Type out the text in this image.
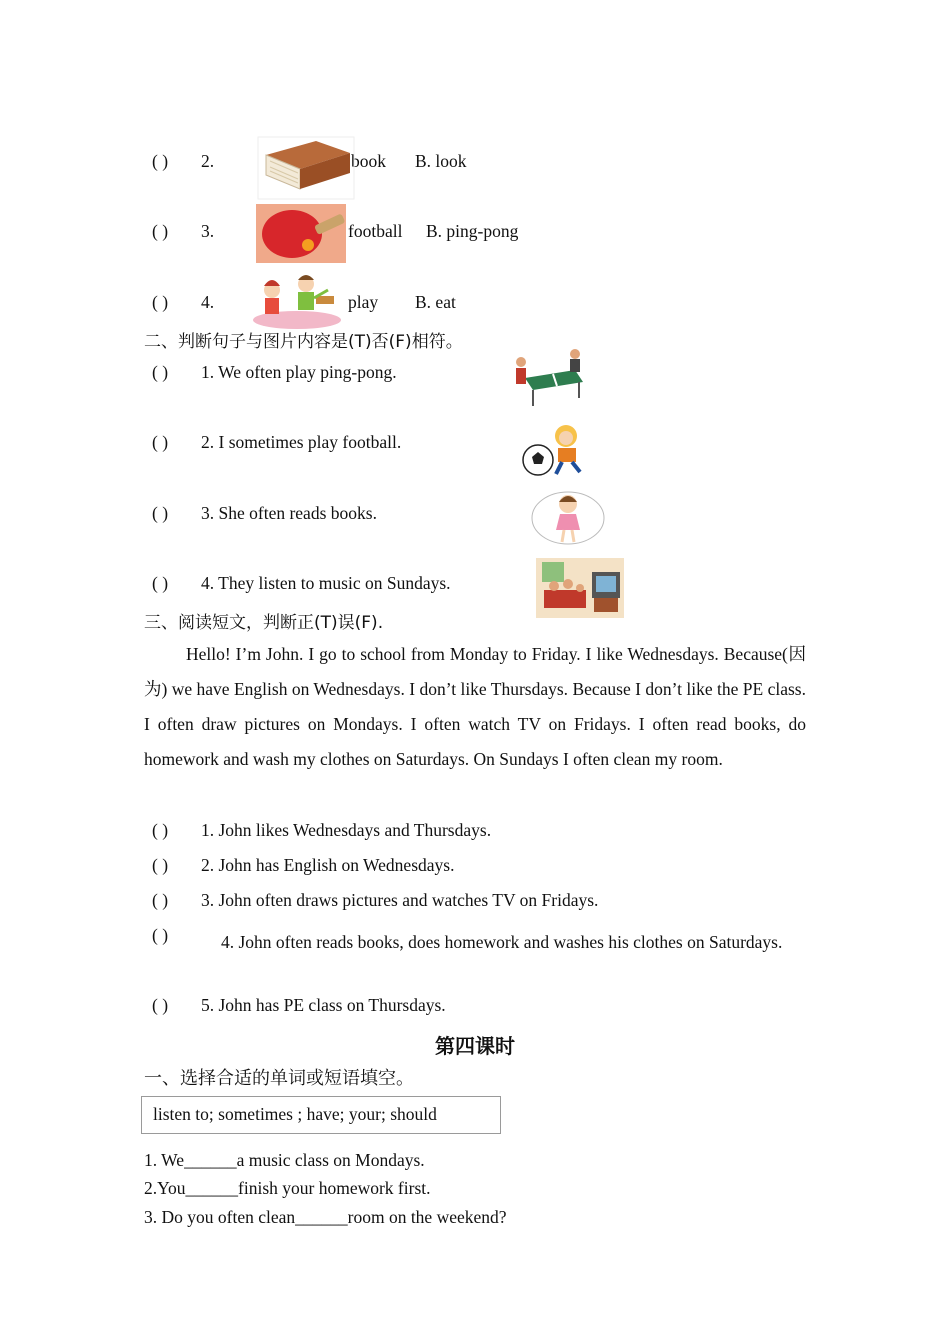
( ) 2.	book B. look
( ) 3.	football B. ping-pong
( ) 4.	play B. eat
二、判断句子与图片内容是(T)否(F)相符。
( ) 1. We often play ping-pong.
( ) 2. I sometimes play football.
( ) 3. She often reads books.
( ) 4. They listen to music on Sundays.
三、阅读短文，判断正(T)误(F).

Hello! I’m John. I go to school from Monday to Friday. I like Wednesdays. Because(因为) we have English on Wednesdays. I don’t like Thursdays. Because I don’t like the PE class. I often draw pictures on Mondays. I often watch TV on Fridays. I often read books, do homework and wash my clothes on Saturdays. On Sundays I often clean my room.

( ) 1. John likes Wednesdays and Thursdays.
( ) 2. John has English on Wednesdays.
( ) 3. John often draws pictures and watches TV on Fridays.
( )	4. John often reads books, does homework and washes his clothes on Saturdays.
( ) 5. John has PE class on Thursdays.
第四课时
一、选择合适的单词或短语填空。
listen to; sometimes ; have; your; should
1. We______a music class on Mondays.
2.You______finish your homework first.
3. Do you often clean______room on the weekend?
